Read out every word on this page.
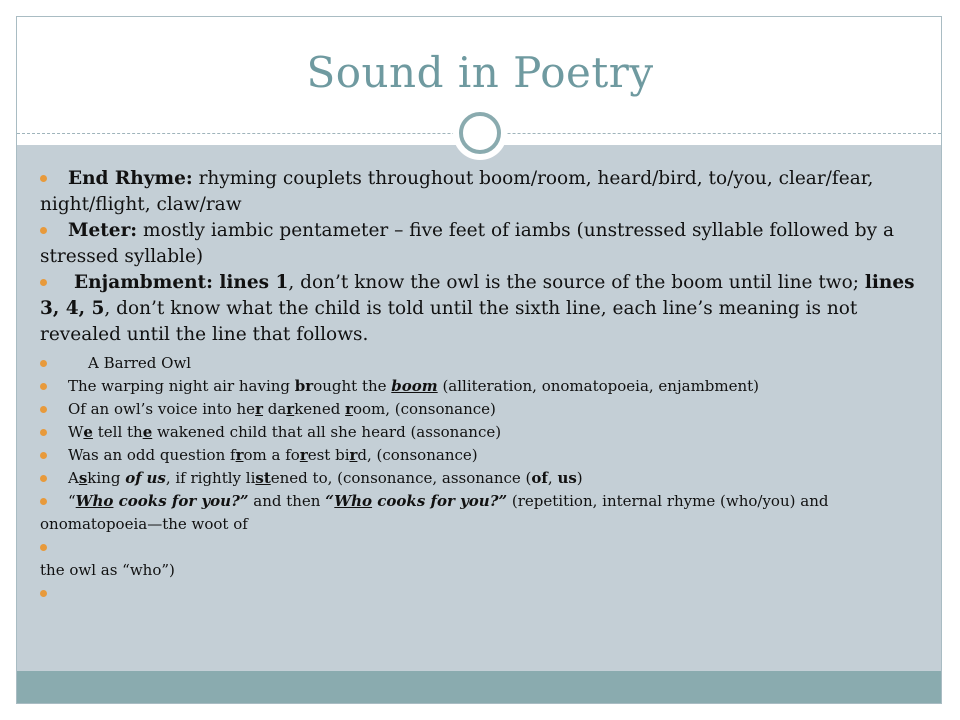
Sound in Poetry

End Rhyme: rhyming couplets throughout boom/room, heard/bird, to/you, clear/fear, night/flight, claw/raw

Meter: mostly iambic pentameter – five feet of iambs (unstressed syllable followed by a stressed syllable)

Enjambment: lines 1, don’t know the owl is the source of the boom until line two; lines 3, 4, 5, don’t know what the child is told until the sixth line, each line’s meaning is not revealed until the line that follows.

A Barred Owl

The warping night air having brought the boom (alliteration, onomatopoeia, enjambment)

Of an owl’s voice into her darkened room, (consonance)

We tell the wakened child that all she heard (assonance)

Was an odd question from a forest bird, (consonance)

Asking of us, if rightly listened to, (consonance, assonance (of, us)

“Who cooks for you?” and then “Who cooks for you?” (repetition, internal rhyme (who/you) and onomatopoeia—the woot of

the owl as “who”)
